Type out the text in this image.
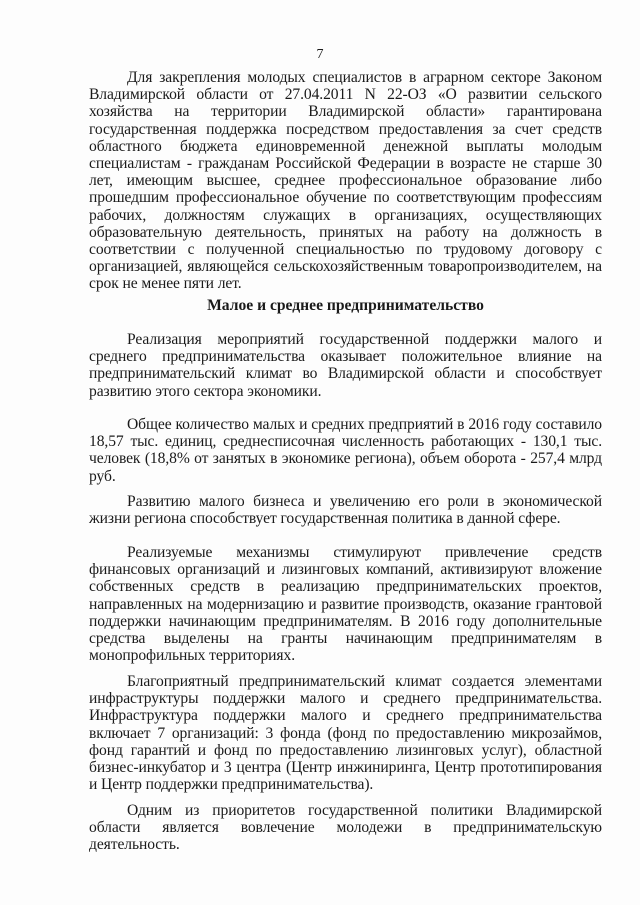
7

Для закрепления молодых специалистов в аграрном секторе Законом Владимирской области от 27.04.2011 N 22-ОЗ «О развитии сельского хозяйства на территории Владимирской области» гарантирована государственная поддержка посредством предоставления за счет средств областного бюджета единовременной денежной выплаты молодым специалистам - гражданам Российской Федерации в возрасте не старше 30 лет, имеющим высшее, среднее профессиональное образование либо прошедшим профессиональное обучение по соответствующим профессиям рабочих, должностям служащих в организациях, осуществляющих образовательную деятельность, принятых на работу на должность в соответствии с полученной специальностью по трудовому договору с организацией, являющейся сельскохозяйственным товаропроизводителем, на срок не менее пяти лет.

Малое и среднее предпринимательство

Реализация мероприятий государственной поддержки малого и среднего предпринимательства оказывает положительное влияние на предпринимательский климат во Владимирской области и способствует развитию этого сектора экономики.

Общее количество малых и средних предприятий в 2016 году составило 18,57 тыс. единиц, среднесписочная численность работающих - 130,1 тыс. человек (18,8% от занятых в экономике региона), объем оборота - 257,4 млрд руб.

Развитию малого бизнеса и увеличению его роли в экономической жизни региона способствует государственная политика в данной сфере.

Реализуемые механизмы стимулируют привлечение средств финансовых организаций и лизинговых компаний, активизируют вложение собственных средств в реализацию предпринимательских проектов, направленных на модернизацию и развитие производств, оказание грантовой поддержки начинающим предпринимателям. В 2016 году дополнительные средства выделены на гранты начинающим предпринимателям в монопрофильных территориях.

Благоприятный предпринимательский климат создается элементами инфраструктуры поддержки малого и среднего предпринимательства. Инфраструктура поддержки малого и среднего предпринимательства включает 7 организаций: 3 фонда (фонд по предоставлению микрозаймов, фонд гарантий и фонд по предоставлению лизинговых услуг), областной бизнес-инкубатор и 3 центра (Центр инжиниринга, Центр прототипирования и Центр поддержки предпринимательства).

Одним из приоритетов государственной политики Владимирской области является вовлечение молодежи в предпринимательскую деятельность.
